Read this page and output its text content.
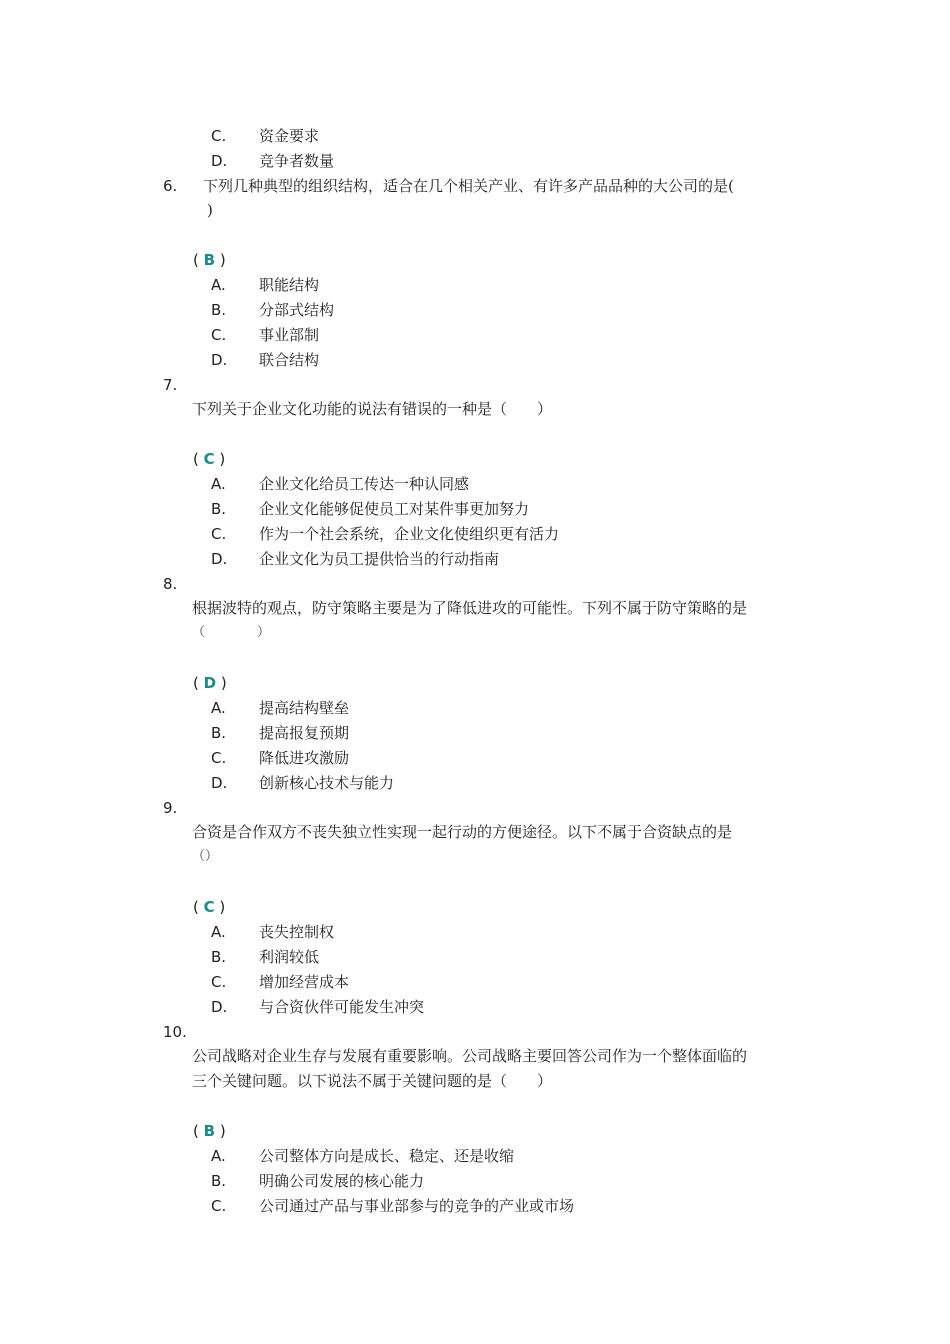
C. 资金要求
D. 竞争者数量
6. 下列几种典型的组织结构，适合在几个相关产业、有许多产品品种的大公司的是(
)
( B )
A. 职能结构
B. 分部式结构
C. 事业部制
D. 联合结构
7.
下列关于企业文化功能的说法有错误的一种是（　　）
( C )
A. 企业文化给员工传达一种认同感
B. 企业文化能够促使员工对某件事更加努力
C. 作为一个社会系统，企业文化使组织更有活力
D. 企业文化为员工提供恰当的行动指南
8.
根据波特的观点，防守策略主要是为了降低进攻的可能性。下列不属于防守策略的是
（　　　　）
( D )
A. 提高结构壁垒
B. 提高报复预期
C. 降低进攻激励
D. 创新核心技术与能力
9.
合资是合作双方不丧失独立性实现一起行动的方便途径。以下不属于合资缺点的是
（）
( C )
A. 丧失控制权
B. 利润较低
C. 增加经营成本
D. 与合资伙伴可能发生冲突
10.
公司战略对企业生存与发展有重要影响。公司战略主要回答公司作为一个整体面临的
三个关键问题。以下说法不属于关键问题的是（　　）
( B )
A. 公司整体方向是成长、稳定、还是收缩
B. 明确公司发展的核心能力
C. 公司通过产品与事业部参与的竞争的产业或市场
